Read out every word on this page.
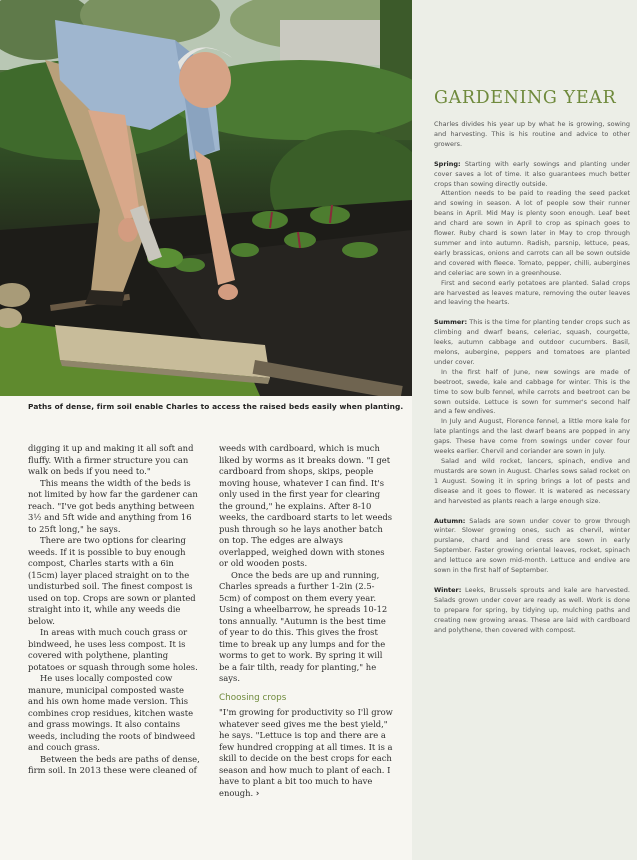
Paths of dense, firm soil enable Charles to access the raised beds easily when planting.
GARDENING YEAR

Charles divides his year up by what he is growing, sowing and harvesting. This is his routine and advice to other growers.

Spring: Starting with early sowings and planting under cover saves a lot of time. It also guarantees much better crops than sowing directly outside.

Attention needs to be paid to reading the seed packet and sowing in season. A lot of people sow their runner beans in April. Mid May is plenty soon enough. Leaf beet and chard are sown in April to crop as spinach goes to flower. Ruby chard is sown later in May to crop through summer and into autumn. Radish, parsnip, lettuce, peas, early brassicas, onions and carrots can all be sown outside and covered with fleece. Tomato, pepper, chilli, aubergines and celeriac are sown in a greenhouse.

First and second early potatoes are planted. Salad crops are harvested as leaves mature, removing the outer leaves and leaving the hearts.

Summer: This is the time for planting tender crops such as climbing and dwarf beans, celeriac, squash, courgette, leeks, autumn cabbage and outdoor cucumbers. Basil, melons, aubergine, peppers and tomatoes are planted under cover.

In the first half of June, new sowings are made of beetroot, swede, kale and cabbage for winter. This is the time to sow bulb fennel, while carrots and beetroot can be sown outside. Lettuce is sown for summer's second half and a few endives.

In July and August, Florence fennel, a little more kale for late plantings and the last dwarf beans are popped in any gaps. These have come from sowings under cover four weeks earlier. Chervil and coriander are sown in July.

Salad and wild rocket, lancers, spinach, endive and mustards are sown in August. Charles sows salad rocket on 1 August. Sowing it in spring brings a lot of pests and disease and it goes to flower. It is watered as necessary and harvested as plants reach a large enough size.

Autumn: Salads are sown under cover to grow through winter. Slower growing ones, such as chervil, winter purslane, chard and land cress are sown in early September. Faster growing oriental leaves, rocket, spinach and lettuce are sown mid-month. Lettuce and endive are sown in the first half of September.

Winter: Leeks, Brussels sprouts and kale are harvested. Salads grown under cover are ready as well. Work is done to prepare for spring, by tidying up, mulching paths and creating new growing areas. These are laid with cardboard and polythene, then covered with compost.

digging it up and making it all soft and fluffy. With a firmer structure you can walk on beds if you need to."

This means the width of the beds is not limited by how far the gardener can reach. "I've got beds anything between 3½ and 5ft wide and anything from 16 to 25ft long," he says.

There are two options for clearing weeds. If it is possible to buy enough compost, Charles starts with a 6in (15cm) layer placed straight on to the undisturbed soil. The finest compost is used on top. Crops are sown or planted straight into it, while any weeds die below.

In areas with much couch grass or bindweed, he uses less compost. It is covered with polythene, planting potatoes or squash through some holes.

He uses locally composted cow manure, municipal composted waste and his own home made version. This combines crop residues, kitchen waste and grass mowings. It also contains weeds, including the roots of bindweed and couch grass.

Between the beds are paths of dense, firm soil. In 2013 these were cleaned of

weeds with cardboard, which is much liked by worms as it breaks down. "I get cardboard from shops, skips, people moving house, whatever I can find. It's only used in the first year for clearing the ground," he explains. After 8-10 weeks, the cardboard starts to let weeds push through so he lays another batch on top. The edges are always overlapped, weighed down with stones or old wooden posts.

Once the beds are up and running, Charles spreads a further 1-2in (2.5-5cm) of compost on them every year. Using a wheelbarrow, he spreads 10-12 tons annually. "Autumn is the best time of year to do this. This gives the frost time to break up any lumps and for the worms to get to work. By spring it will be a fair tilth, ready for planting," he says.

Choosing crops

"I'm growing for productivity so I'll grow whatever seed gives me the best yield," he says. "Lettuce is top and there are a few hundred cropping at all times. It is a skill to decide on the best crops for each season and how much to plant of each. I have to plant a bit too much to have enough. ›
